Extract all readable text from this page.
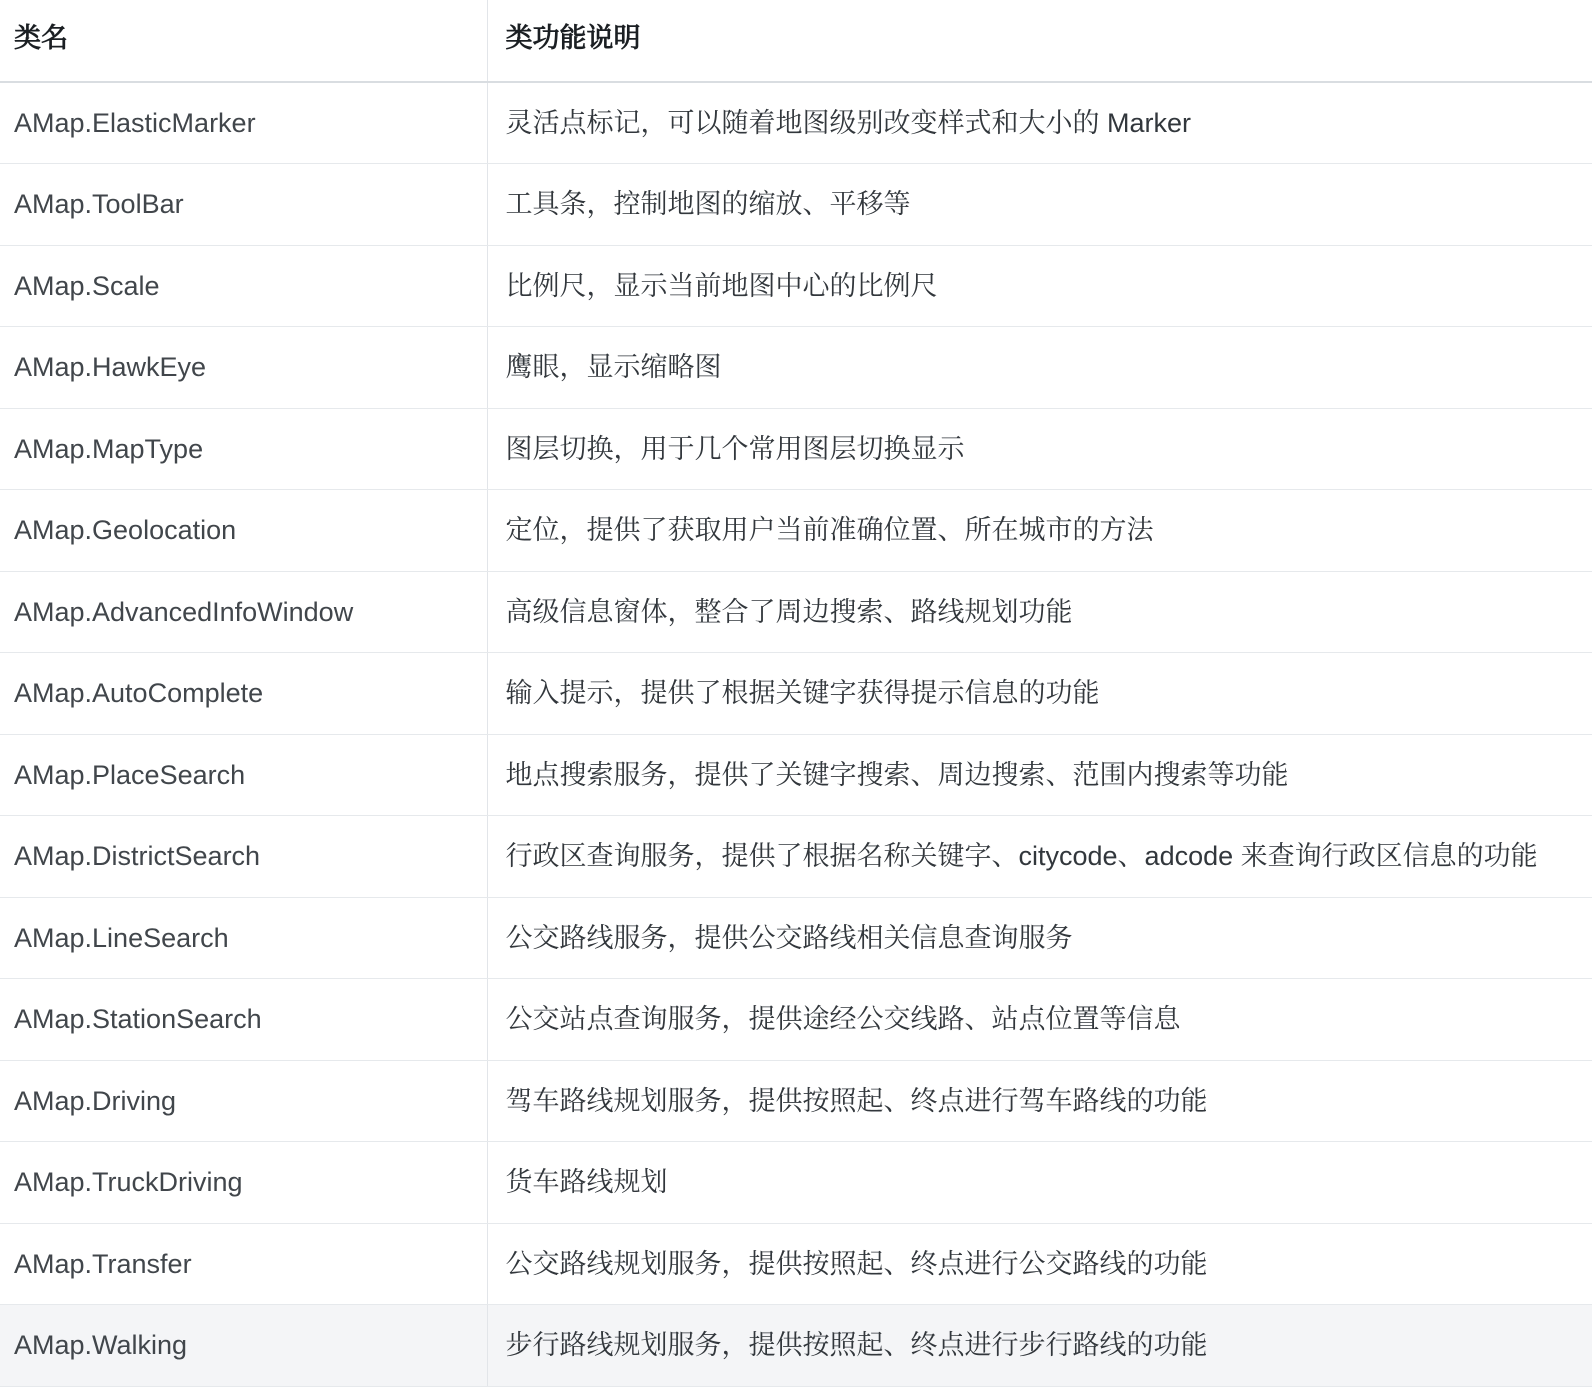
类名	类功能说明
AMap.ElasticMarker	灵活点标记，可以随着地图级别改变样式和大小的 Marker
AMap.ToolBar	工具条，控制地图的缩放、平移等
AMap.Scale	比例尺，显示当前地图中心的比例尺
AMap.HawkEye	鹰眼，显示缩略图
AMap.MapType	图层切换，用于几个常用图层切换显示
AMap.Geolocation	定位，提供了获取用户当前准确位置、所在城市的方法
AMap.AdvancedInfoWindow	高级信息窗体，整合了周边搜索、路线规划功能
AMap.AutoComplete	输入提示，提供了根据关键字获得提示信息的功能
AMap.PlaceSearch	地点搜索服务，提供了关键字搜索、周边搜索、范围内搜索等功能
AMap.DistrictSearch	行政区查询服务，提供了根据名称关键字、citycode、adcode 来查询行政区信息的功能
AMap.LineSearch	公交路线服务，提供公交路线相关信息查询服务
AMap.StationSearch	公交站点查询服务，提供途经公交线路、站点位置等信息
AMap.Driving	驾车路线规划服务，提供按照起、终点进行驾车路线的功能
AMap.TruckDriving	货车路线规划
AMap.Transfer	公交路线规划服务，提供按照起、终点进行公交路线的功能
AMap.Walking	步行路线规划服务，提供按照起、终点进行步行路线的功能
